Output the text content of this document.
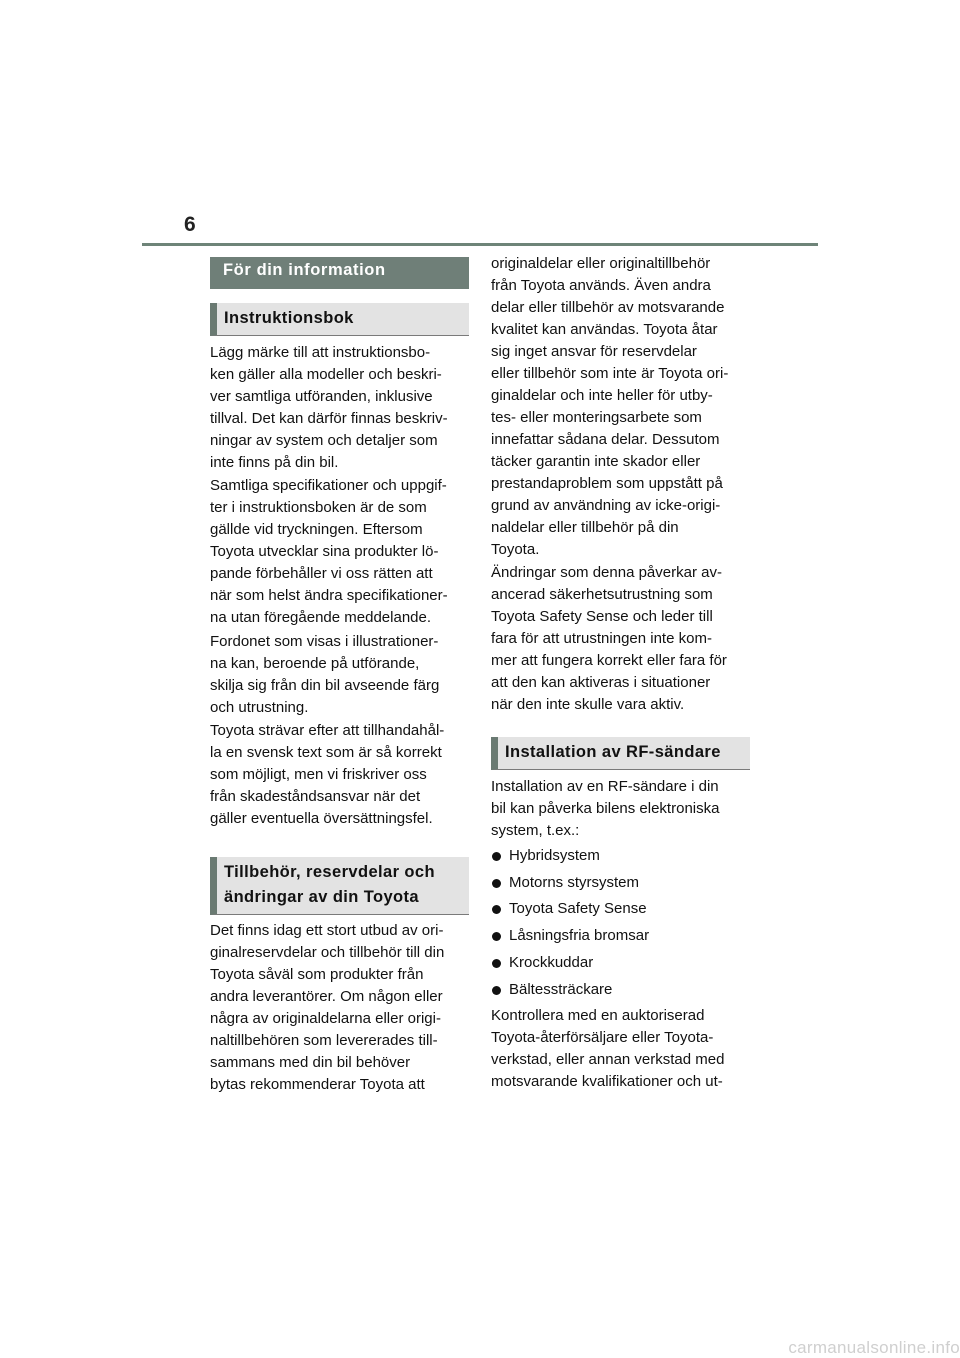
6
För din information
Instruktionsbok

Lägg märke till att instruktionsbo-
ken gäller alla modeller och beskri-
ver samtliga utföranden, inklusive
tillval. Det kan därför finnas beskriv-
ningar av system och detaljer som
inte finns på din bil.

Samtliga specifikationer och uppgif-
ter i instruktionsboken är de som
gällde vid tryckningen. Eftersom
Toyota utvecklar sina produkter lö-
pande förbehåller vi oss rätten att
när som helst ändra specifikationer-
na utan föregående meddelande.

Fordonet som visas i illustrationer-
na kan, beroende på utförande,
skilja sig från din bil avseende färg
och utrustning.

Toyota strävar efter att tillhandahål-
la en svensk text som är så korrekt
som möjligt, men vi friskriver oss
från skadeståndsansvar när det
gäller eventuella översättningsfel.

Tillbehör, reservdelar och
ändringar av din Toyota

Det finns idag ett stort utbud av ori-
ginalreservdelar och tillbehör till din
Toyota såväl som produkter från
andra leverantörer. Om någon eller
några av originaldelarna eller origi-
naltillbehören som levererades till-
sammans med din bil behöver
bytas rekommenderar Toyota att

originaldelar eller originaltillbehör
från Toyota används. Även andra
delar eller tillbehör av motsvarande
kvalitet kan användas. Toyota åtar
sig inget ansvar för reservdelar
eller tillbehör som inte är Toyota ori-
ginaldelar och inte heller för utby-
tes- eller monteringsarbete som
innefattar sådana delar. Dessutom
täcker garantin inte skador eller
prestandaproblem som uppstått på
grund av användning av icke-origi-
naldelar eller tillbehör på din
Toyota.

Ändringar som denna påverkar av-
ancerad säkerhetsutrustning som
Toyota Safety Sense och leder till
fara för att utrustningen inte kom-
mer att fungera korrekt eller fara för
att den kan aktiveras i situationer
när den inte skulle vara aktiv.

Installation av RF-sändare

Installation av en RF-sändare i din
bil kan påverka bilens elektroniska
system, t.ex.:

Hybridsystem
Motorns styrsystem
Toyota Safety Sense
Låsningsfria bromsar
Krockkuddar
Bältessträckare

Kontrollera med en auktoriserad
Toyota-återförsäljare eller Toyota-
verkstad, eller annan verkstad med
motsvarande kvalifikationer och ut-

carmanualsonline.info
